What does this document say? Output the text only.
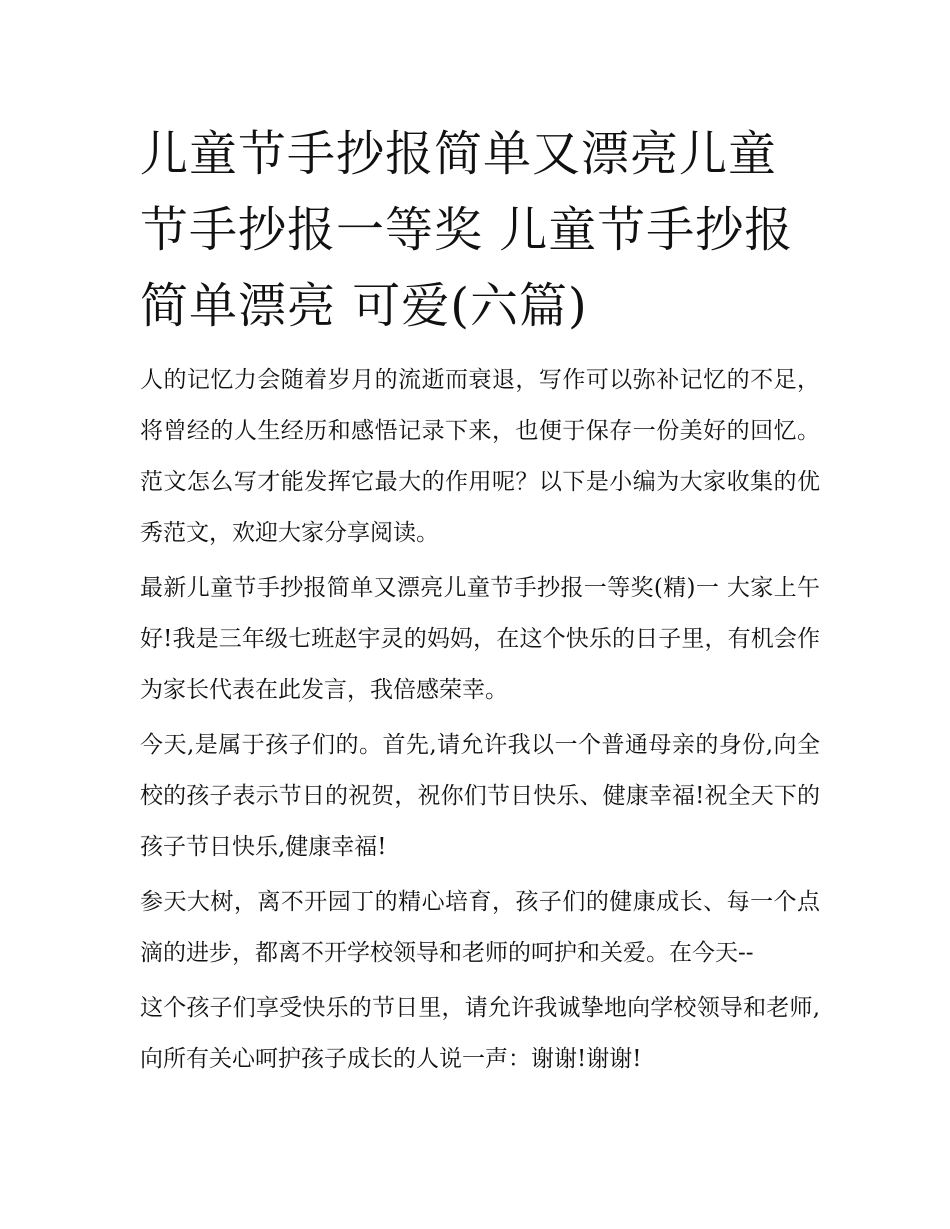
儿童节手抄报简单又漂亮儿童节手抄报一等奖 儿童节手抄报简单漂亮 可爱(六篇)

人的记忆力会随着岁月的流逝而衰退，写作可以弥补记忆的不足，将曾经的人生经历和感悟记录下来，也便于保存一份美好的回忆。范文怎么写才能发挥它最大的作用呢？以下是小编为大家收集的优秀范文，欢迎大家分享阅读。

最新儿童节手抄报简单又漂亮儿童节手抄报一等奖(精)一 大家上午好!我是三年级七班赵宇灵的妈妈，在这个快乐的日子里，有机会作为家长代表在此发言，我倍感荣幸。

今天,是属于孩子们的。首先,请允许我以一个普通母亲的身份,向全校的孩子表示节日的祝贺，祝你们节日快乐、健康幸福!祝全天下的孩子节日快乐,健康幸福!

参天大树，离不开园丁的精心培育，孩子们的健康成长、每一个点滴的进步，都离不开学校领导和老师的呵护和关爱。在今天--

这个孩子们享受快乐的节日里，请允许我诚挚地向学校领导和老师,向所有关心呵护孩子成长的人说一声：谢谢!谢谢!
